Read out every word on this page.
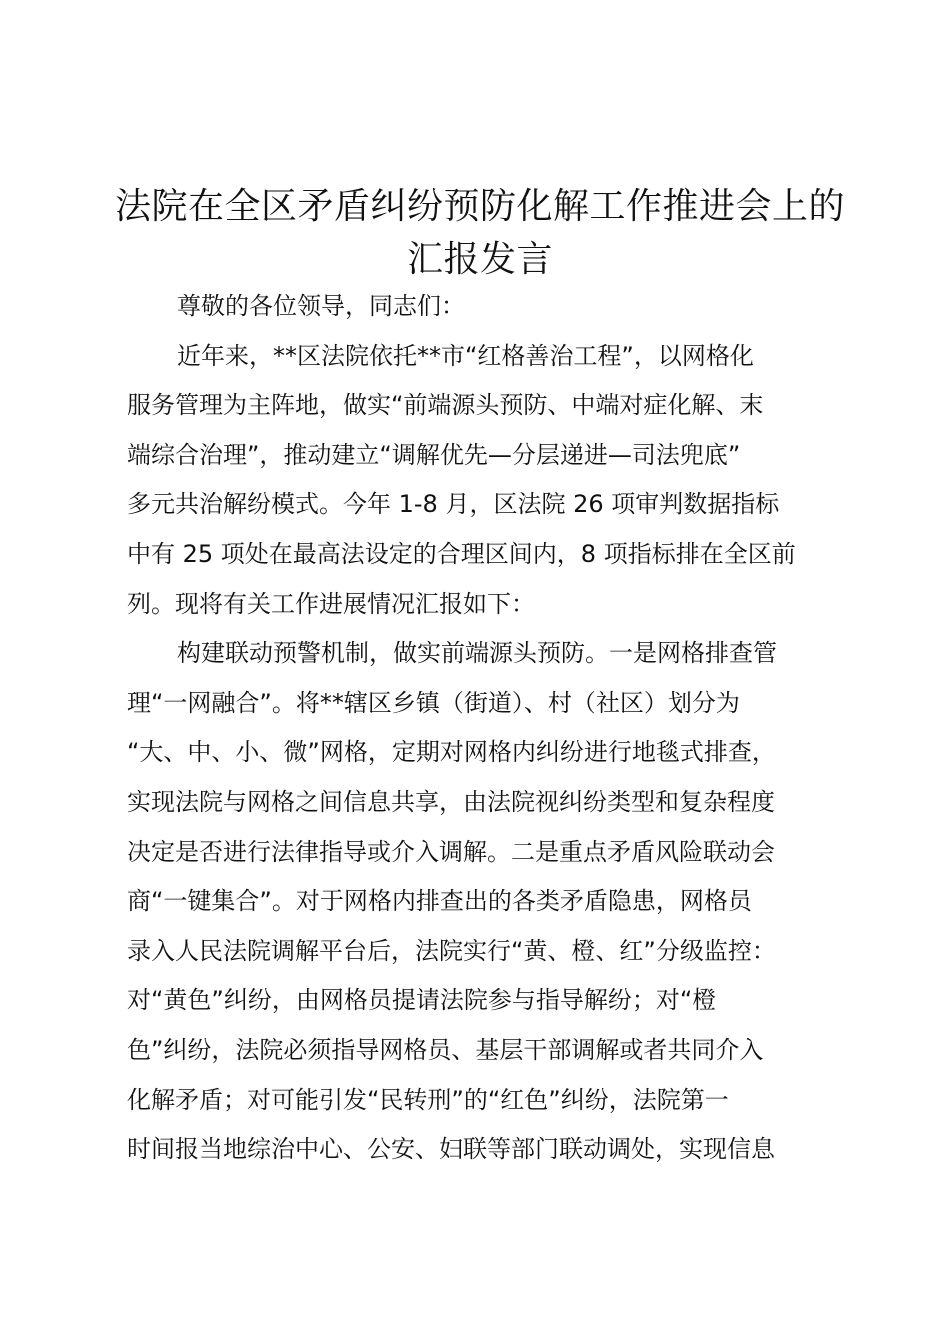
法院在全区矛盾纠纷预防化解工作推进会上的
汇报发言
尊敬的各位领导，同志们：
近年来，**区法院依托**市“红格善治工程”，以网格化
服务管理为主阵地，做实“前端源头预防、中端对症化解、末
端综合治理”，推动建立“调解优先—分层递进—司法兜底”
多元共治解纷模式。今年 1-8 月，区法院 26 项审判数据指标
中有 25 项处在最高法设定的合理区间内，8 项指标排在全区前
列。现将有关工作进展情况汇报如下：
构建联动预警机制，做实前端源头预防。一是网格排查管
理“一网融合”。将**辖区乡镇（街道）、村（社区）划分为
“大、中、小、微”网格，定期对网格内纠纷进行地毯式排查，
实现法院与网格之间信息共享，由法院视纠纷类型和复杂程度
决定是否进行法律指导或介入调解。二是重点矛盾风险联动会
商“一键集合”。对于网格内排查出的各类矛盾隐患，网格员
录入人民法院调解平台后，法院实行“黄、橙、红”分级监控：
对“黄色”纠纷，由网格员提请法院参与指导解纷；对“橙
色”纠纷，法院必须指导网格员、基层干部调解或者共同介入
化解矛盾；对可能引发“民转刑”的“红色”纠纷，法院第一
时间报当地综治中心、公安、妇联等部门联动调处，实现信息
